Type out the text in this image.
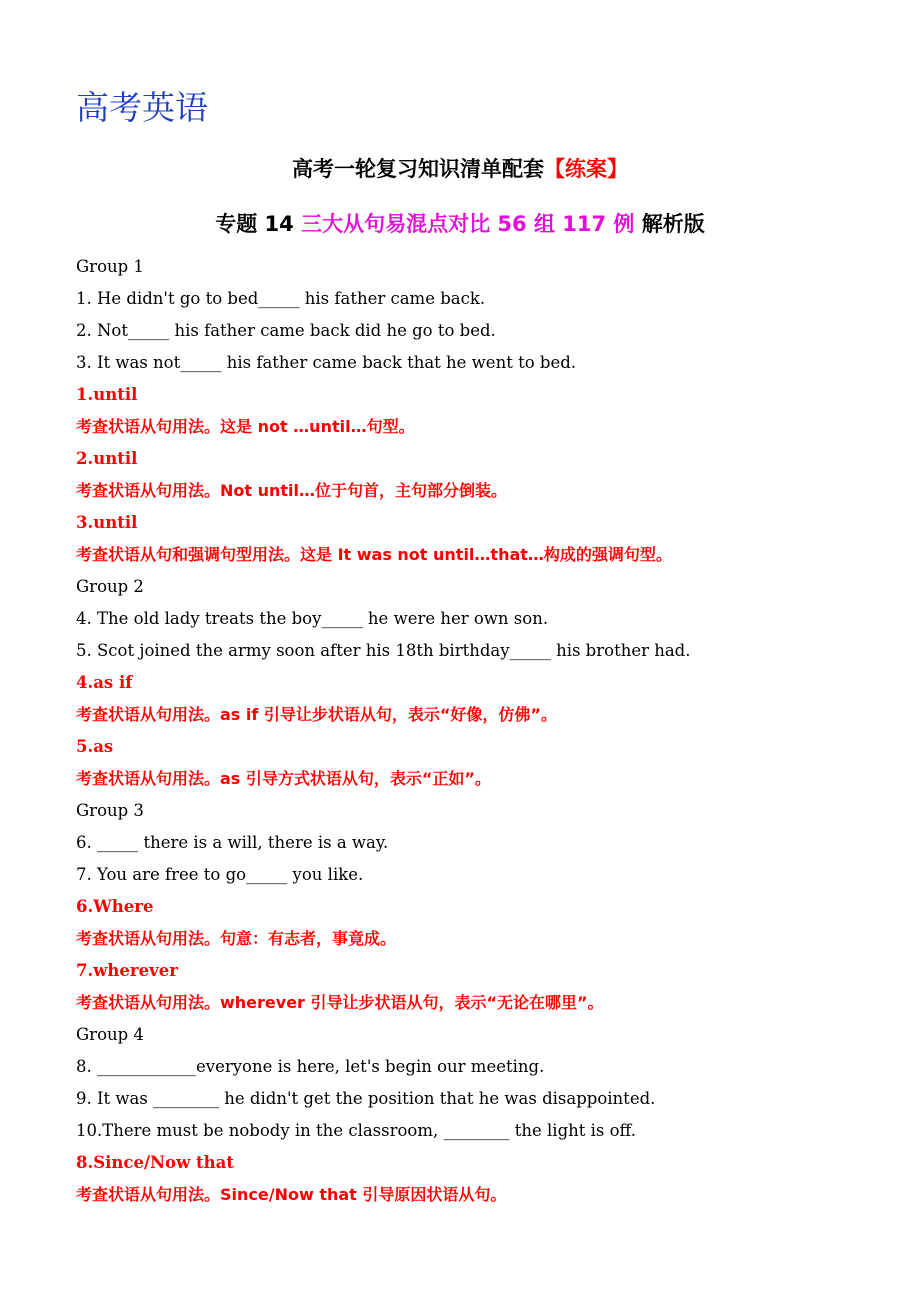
高考英语
高考一轮复习知识清单配套【练案】
专题 14 三大从句易混点对比 56 组 117 例 解析版
Group 1
1. He didn't go to bed_____ his father came back.
2. Not_____ his father came back did he go to bed.
3. It was not_____ his father came back that he went to bed.
1.until
考查状语从句用法。这是 not …until…句型。
2.until
考查状语从句用法。Not until…位于句首，主句部分倒装。
3.until
考查状语从句和强调句型用法。这是 It was not until…that…构成的强调句型。
Group 2
4. The old lady treats the boy_____ he were her own son.
5. Scot joined the army soon after his 18th birthday_____ his brother had.
4.as if
考查状语从句用法。as if 引导让步状语从句，表示“好像，仿佛”。
5.as
考查状语从句用法。as 引导方式状语从句，表示“正如”。
Group 3
6. _____ there is a will, there is a way.
7. You are free to go_____ you like.
6.Where
考查状语从句用法。句意：有志者，事竟成。
7.wherever
考查状语从句用法。wherever 引导让步状语从句，表示“无论在哪里”。
Group 4
8. ____________everyone is here, let's begin our meeting.
9. It was ________ he didn't get the position that he was disappointed.
10.There must be nobody in the classroom, ________ the light is off.
8.Since/Now that
考查状语从句用法。Since/Now that 引导原因状语从句。
